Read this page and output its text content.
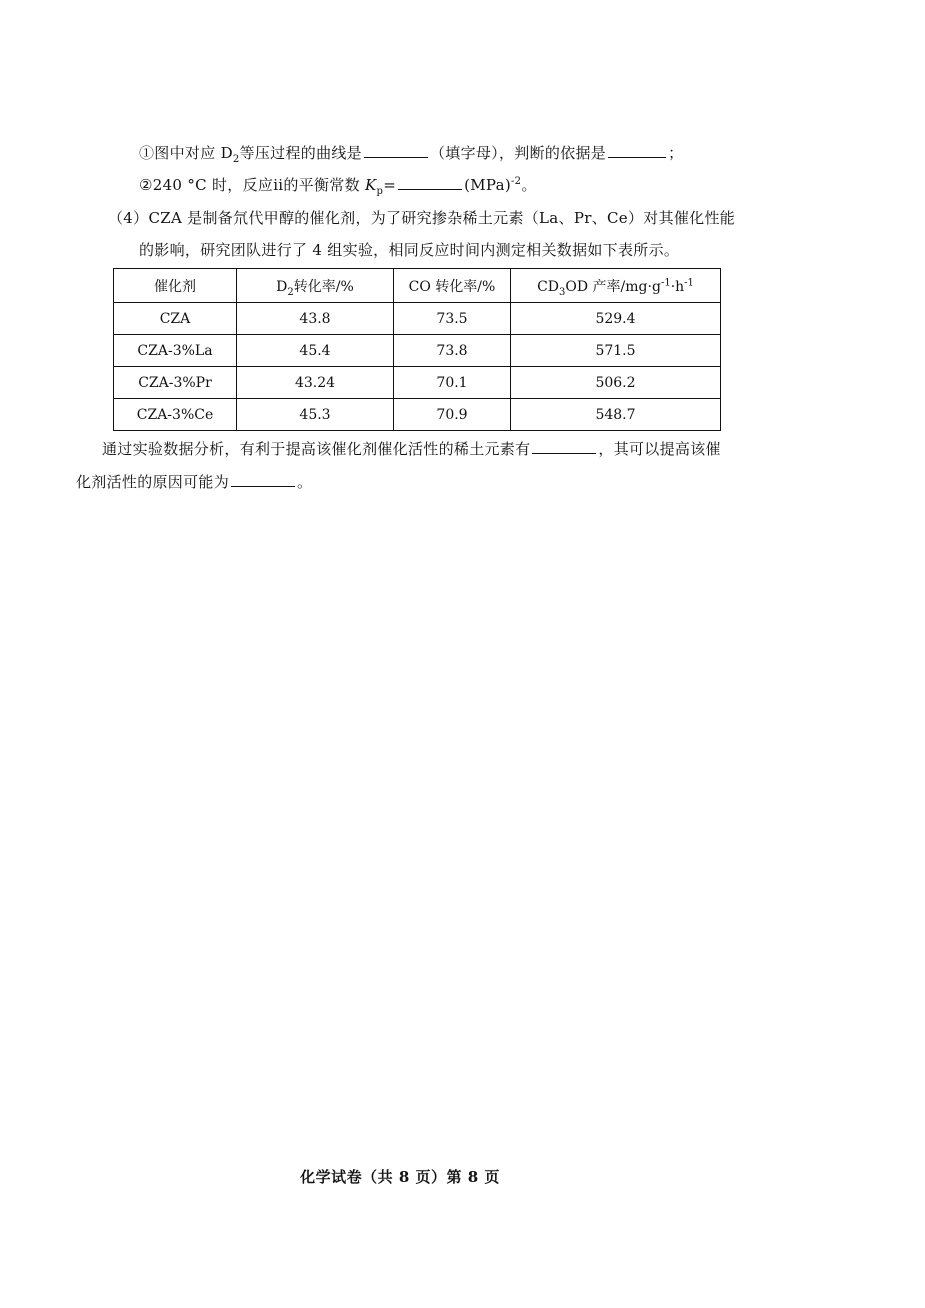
①图中对应 $D_2$等压过程的曲线是	（填字母），判断的依据是	；
②240 °C 时，反应ii的平衡常数 $K_p=$	(MPa)$^{-2}$。
（4）CZA 是制备氘代甲醇的催化剂，为了研究掺杂稀土元素（La、Pr、Ce）对其催化性能
的影响，研究团队进行了 4 组实验，相同反应时间内测定相关数据如下表所示。
催化剂	$D_2$转化率/%	CO 转化率/%	$CD_3OD$ 产率$/mg\cdot g^{-1}\cdot h^{-1}$
CZA	43.8	73.5	529.4
CZA-3%La	45.4	73.8	571.5
CZA-3%Pr	43.24	70.1	506.2
CZA-3%Ce	45.3	70.9	548.7
通过实验数据分析，有利于提高该催化剂催化活性的稀土元素有	，其可以提高该催
化剂活性的原因可能为	。
化学试卷（共 8 页）第 8 页
